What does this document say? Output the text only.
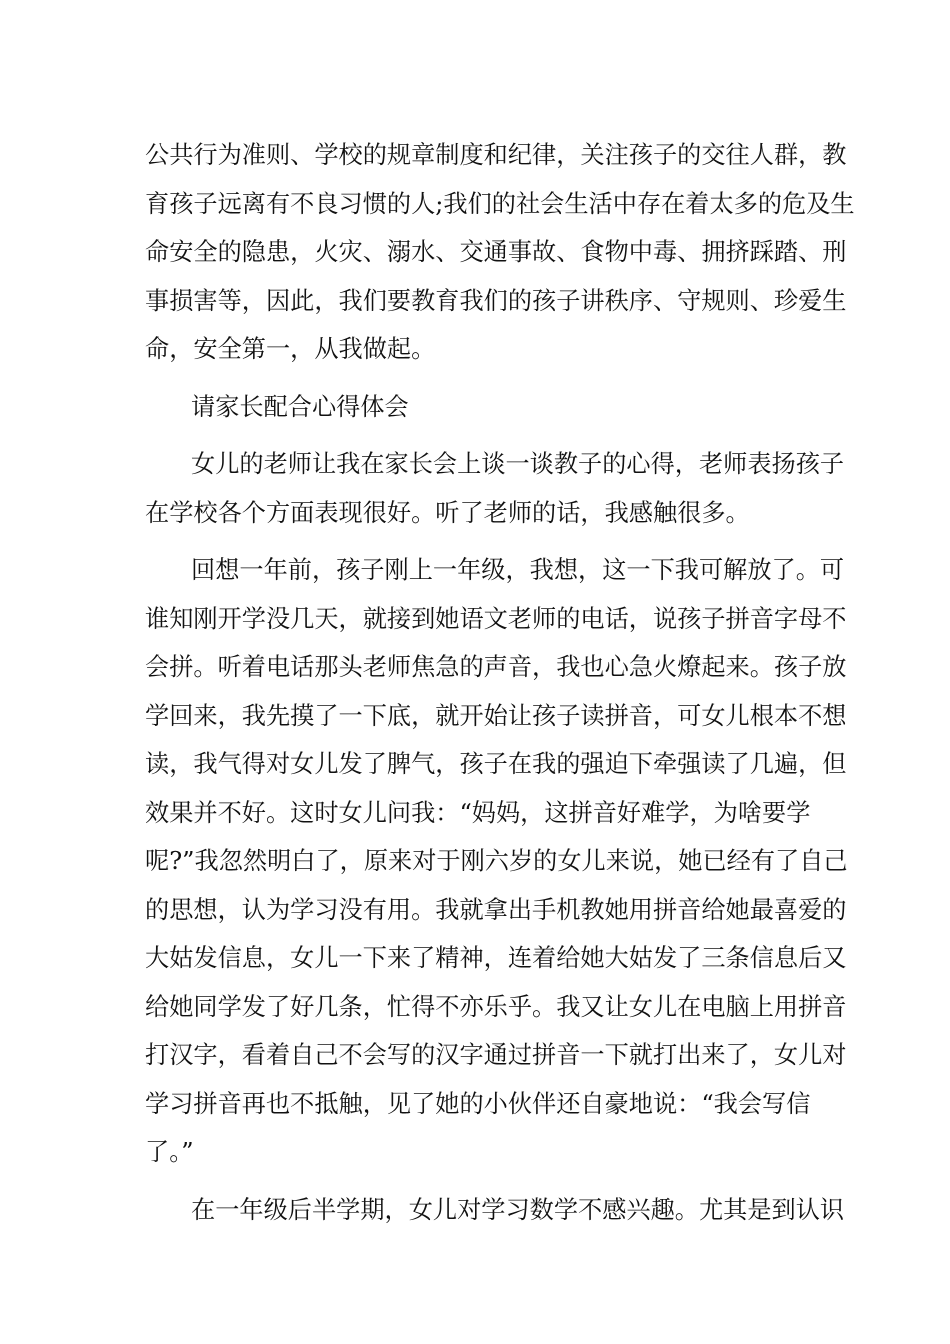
公共行为准则、学校的规章制度和纪律，关注孩子的交往人群，教
育孩子远离有不良习惯的人;我们的社会生活中存在着太多的危及生
命安全的隐患，火灾、溺水、交通事故、食物中毒、拥挤踩踏、刑
事损害等，因此，我们要教育我们的孩子讲秩序、守规则、珍爱生
命，安全第一，从我做起。
请家长配合心得体会
女儿的老师让我在家长会上谈一谈教子的心得，老师表扬孩子
在学校各个方面表现很好。听了老师的话，我感触很多。
回想一年前，孩子刚上一年级，我想，这一下我可解放了。可
谁知刚开学没几天，就接到她语文老师的电话，说孩子拼音字母不
会拼。听着电话那头老师焦急的声音，我也心急火燎起来。孩子放
学回来，我先摸了一下底，就开始让孩子读拼音，可女儿根本不想
读，我气得对女儿发了脾气，孩子在我的强迫下牵强读了几遍，但
效果并不好。这时女儿问我：“妈妈，这拼音好难学，为啥要学
呢?”我忽然明白了，原来对于刚六岁的女儿来说，她已经有了自己
的思想，认为学习没有用。我就拿出手机教她用拼音给她最喜爱的
大姑发信息，女儿一下来了精神，连着给她大姑发了三条信息后又
给她同学发了好几条，忙得不亦乐乎。我又让女儿在电脑上用拼音
打汉字，看着自己不会写的汉字通过拼音一下就打出来了，女儿对
学习拼音再也不抵触，见了她的小伙伴还自豪地说：“我会写信
了。”
在一年级后半学期，女儿对学习数学不感兴趣。尤其是到认识
